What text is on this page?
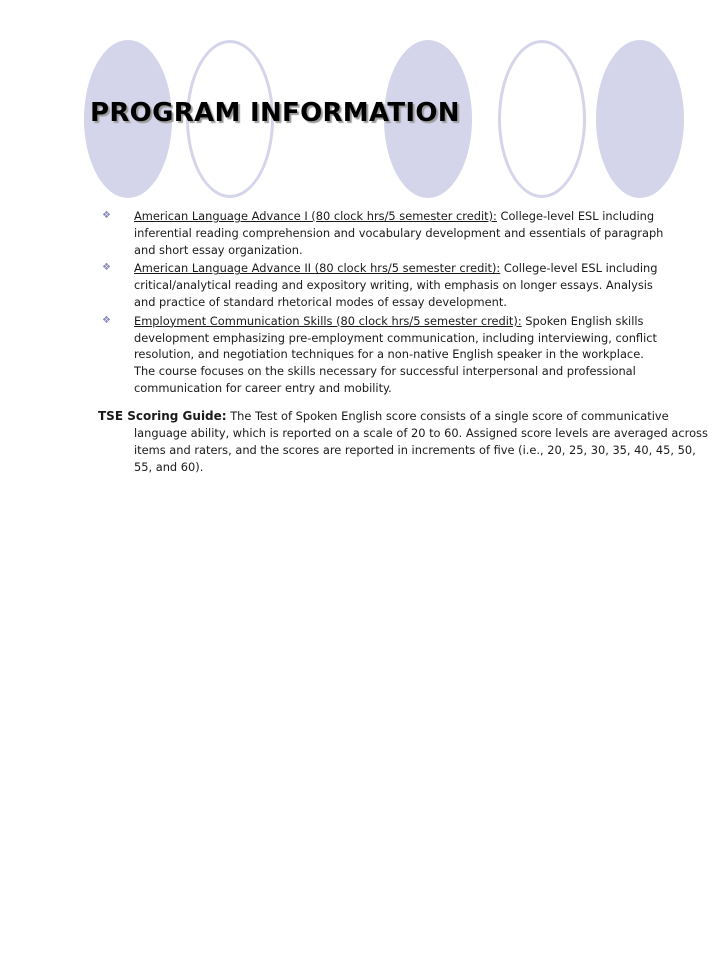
PROGRAM INFORMATION
❖ American Language Advance I (80 clock hrs/5 semester credit): College-level ESL including inferential reading comprehension and vocabulary development and essentials of paragraph and short essay organization.
❖ American Language Advance II (80 clock hrs/5 semester credit): College-level ESL including critical/analytical reading and expository writing, with emphasis on longer essays. Analysis and practice of standard rhetorical modes of essay development.
❖ Employment Communication Skills (80 clock hrs/5 semester credit): Spoken English skills development emphasizing pre-employment communication, including interviewing, conflict resolution, and negotiation techniques for a non-native English speaker in the workplace. The course focuses on the skills necessary for successful interpersonal and professional communication for career entry and mobility.

TSE Scoring Guide: The Test of Spoken English score consists of a single score of communicative language ability, which is reported on a scale of 20 to 60. Assigned score levels are averaged across items and raters, and the scores are reported in increments of five (i.e., 20, 25, 30, 35, 40, 45, 50, 55, and 60).
